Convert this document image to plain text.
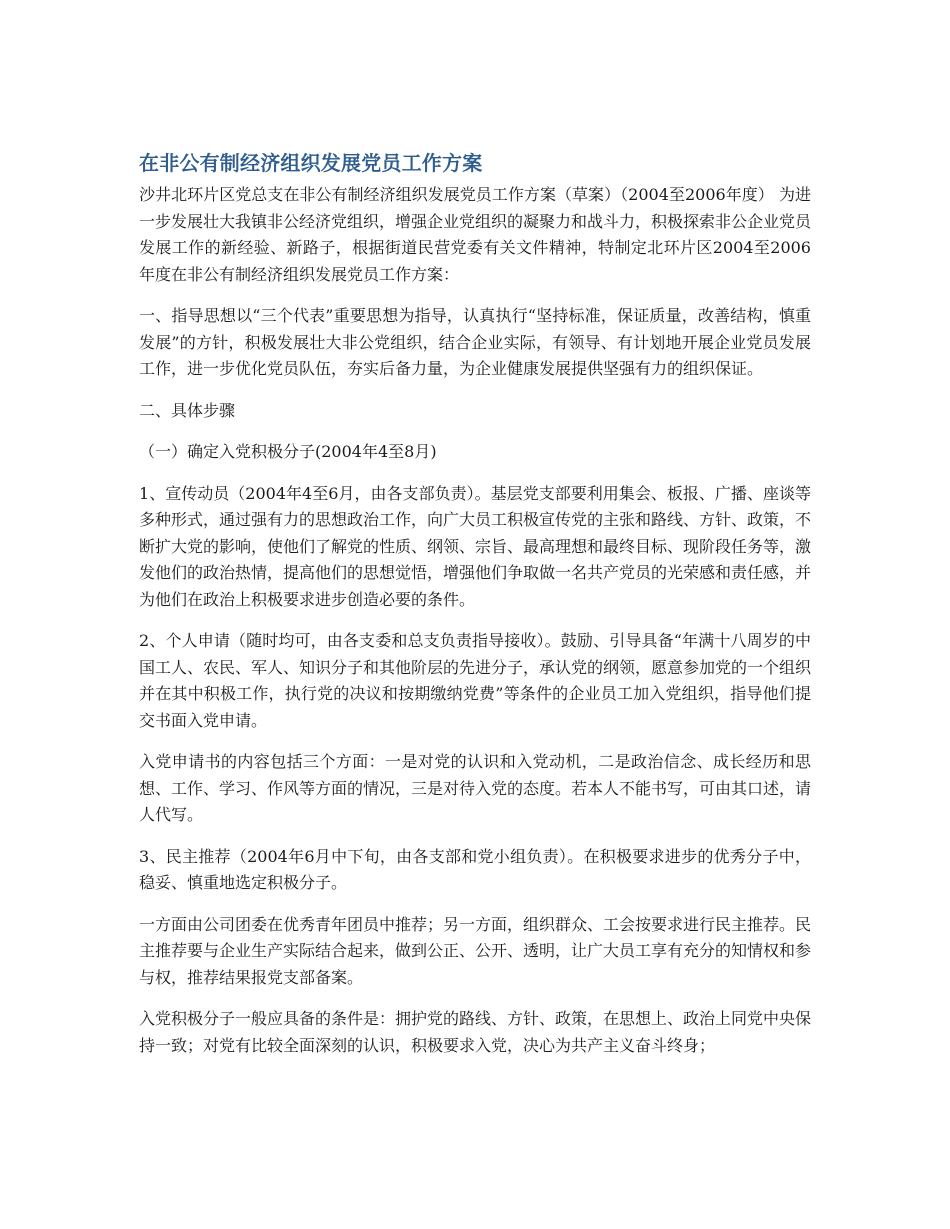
在非公有制经济组织发展党员工作方案

沙井北环片区党总支在非公有制经济组织发展党员工作方案（草案）（2004至2006年度） 为进一步发展壮大我镇非公经济党组织，增强企业党组织的凝聚力和战斗力，积极探索非公企业党员发展工作的新经验、新路子，根据街道民营党委有关文件精神，特制定北环片区2004至2006年度在非公有制经济组织发展党员工作方案：

一、指导思想以“三个代表”重要思想为指导，认真执行“坚持标准，保证质量，改善结构，慎重发展”的方针，积极发展壮大非公党组织，结合企业实际，有领导、有计划地开展企业党员发展工作，进一步优化党员队伍，夯实后备力量，为企业健康发展提供坚强有力的组织保证。

二、具体步骤

（一）确定入党积极分子(2004年4至8月)

1、宣传动员（2004年4至6月，由各支部负责）。基层党支部要利用集会、板报、广播、座谈等多种形式，通过强有力的思想政治工作，向广大员工积极宣传党的主张和路线、方针、政策，不断扩大党的影响，使他们了解党的性质、纲领、宗旨、最高理想和最终目标、现阶段任务等，激发他们的政治热情，提高他们的思想觉悟，增强他们争取做一名共产党员的光荣感和责任感，并为他们在政治上积极要求进步创造必要的条件。

2、个人申请（随时均可，由各支委和总支负责指导接收）。鼓励、引导具备“年满十八周岁的中国工人、农民、军人、知识分子和其他阶层的先进分子，承认党的纲领，愿意参加党的一个组织并在其中积极工作，执行党的决议和按期缴纳党费”等条件的企业员工加入党组织，指导他们提交书面入党申请。

入党申请书的内容包括三个方面：一是对党的认识和入党动机，二是政治信念、成长经历和思想、工作、学习、作风等方面的情况，三是对待入党的态度。若本人不能书写，可由其口述，请人代写。

3、民主推荐（2004年6月中下旬，由各支部和党小组负责）。在积极要求进步的优秀分子中，稳妥、慎重地选定积极分子。

一方面由公司团委在优秀青年团员中推荐；另一方面，组织群众、工会按要求进行民主推荐。民主推荐要与企业生产实际结合起来，做到公正、公开、透明，让广大员工享有充分的知情权和参与权，推荐结果报党支部备案。

入党积极分子一般应具备的条件是：拥护党的路线、方针、政策，在思想上、政治上同党中央保持一致；对党有比较全面深刻的认识，积极要求入党，决心为共产主义奋斗终身；
